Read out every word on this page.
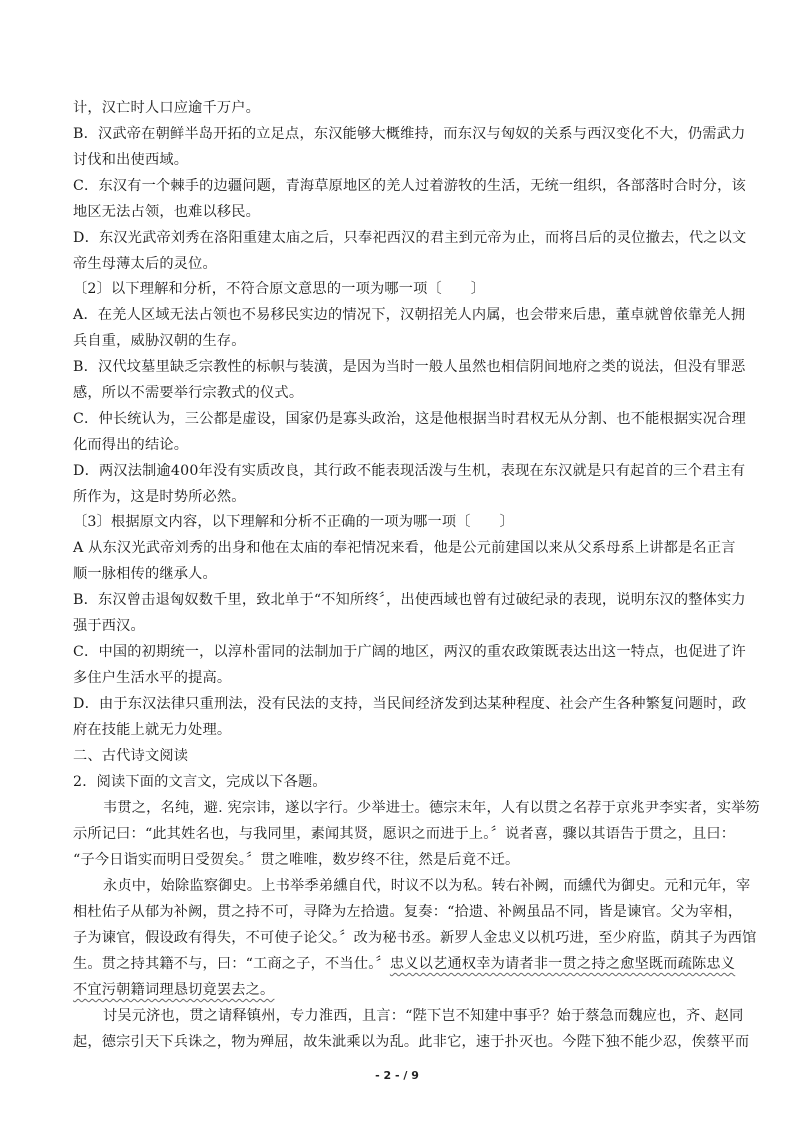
计，汉亡时人口应逾千万户。
B．汉武帝在朝鲜半岛开拓的立足点，东汉能够大概维持，而东汉与匈奴的关系与西汉变化不大，仍需武力
讨伐和出使西域。
C．东汉有一个棘手的边疆问题，青海草原地区的羌人过着游牧的生活，无统一组织，各部落时合时分，该
地区无法占领，也难以移民。
D．东汉光武帝刘秀在洛阳重建太庙之后，只奉祀西汉的君主到元帝为止，而将吕后的灵位撤去，代之以文
帝生母薄太后的灵位。
〔2〕以下理解和分析，不符合原文意思的一项为哪一项〔　　〕
A．在羌人区域无法占领也不易移民实边的情况下，汉朝招羌人内属，也会带来后患，董卓就曾依靠羌人拥
兵自重，威胁汉朝的生存。
B．汉代坟墓里缺乏宗教性的标帜与装潢，是因为当时一般人虽然也相信阴间地府之类的说法，但没有罪恶
感，所以不需要举行宗教式的仪式。
C．仲长统认为，三公都是虚设，国家仍是寡头政治，这是他根据当时君权无从分割、也不能根据实况合理
化而得出的结论。
D．两汉法制逾400年没有实质改良，其行政不能表现活泼与生机，表现在东汉就是只有起首的三个君主有
所作为，这是时势所必然。
〔3〕根据原文内容，以下理解和分析不正确的一项为哪一项〔　　〕
A 从东汉光武帝刘秀的出身和他在太庙的奉祀情况来看，他是公元前建国以来从父系母系上讲都是名正言
顺一脉相传的继承人。
B．东汉曾击退匈奴数千里，致北单于“不知所终〞，出使西域也曾有过破纪录的表现，说明东汉的整体实力
强于西汉。
C．中国的初期统一，以淳朴雷同的法制加于广阔的地区，两汉的重农政策既表达出这一特点，也促进了许
多住户生活水平的提高。
D．由于东汉法律只重刑法，没有民法的支持，当民间经济发到达某种程度、社会产生各种繁复问题时，政
府在技能上就无力处理。
二、古代诗文阅读
2．阅读下面的文言文，完成以下各题。
韦贯之，名纯，避. 宪宗讳，遂以字行。少举进士。德宗末年，人有以贯之名荐于京兆尹李实者，实举笏
示所记曰：“此其姓名也，与我同里，素闻其贤，愿识之而进于上。〞说者喜，骤以其语告于贯之，且曰：
“子今日诣实而明日受贺矣。〞贯之唯唯，数岁终不往，然是后竟不迁。
永贞中，始除监察御史。上书举季弟纁自代，时议不以为私。转右补阙，而纁代为御史。元和元年，宰
相杜佑子从郁为补阙，贯之持不可，寻降为左拾遗。复奏：“拾遗、补阙虽品不同，皆是谏官。父为宰相，
子为谏官，假设政有得失，不可使子论父。〞改为秘书丞。新罗人金忠义以机巧进，至少府监，荫其子为西馆
生。贯之持其籍不与，曰：“工商之子，不当仕。〞忠义以艺通权幸为请者非一贯之持之愈坚既而疏陈忠义
不宜污朝籍词理恳切竟罢去之。
讨吴元济也，贯之请释镇州，专力淮西，且言：“陛下岂不知建中事乎？始于蔡急而魏应也，齐、赵同
起，德宗引天下兵诛之，物为殚屈，故朱泚乘以为乱。此非它，速于扑灭也。今陛下独不能少忍，俟蔡平而
- 2 - / 9
